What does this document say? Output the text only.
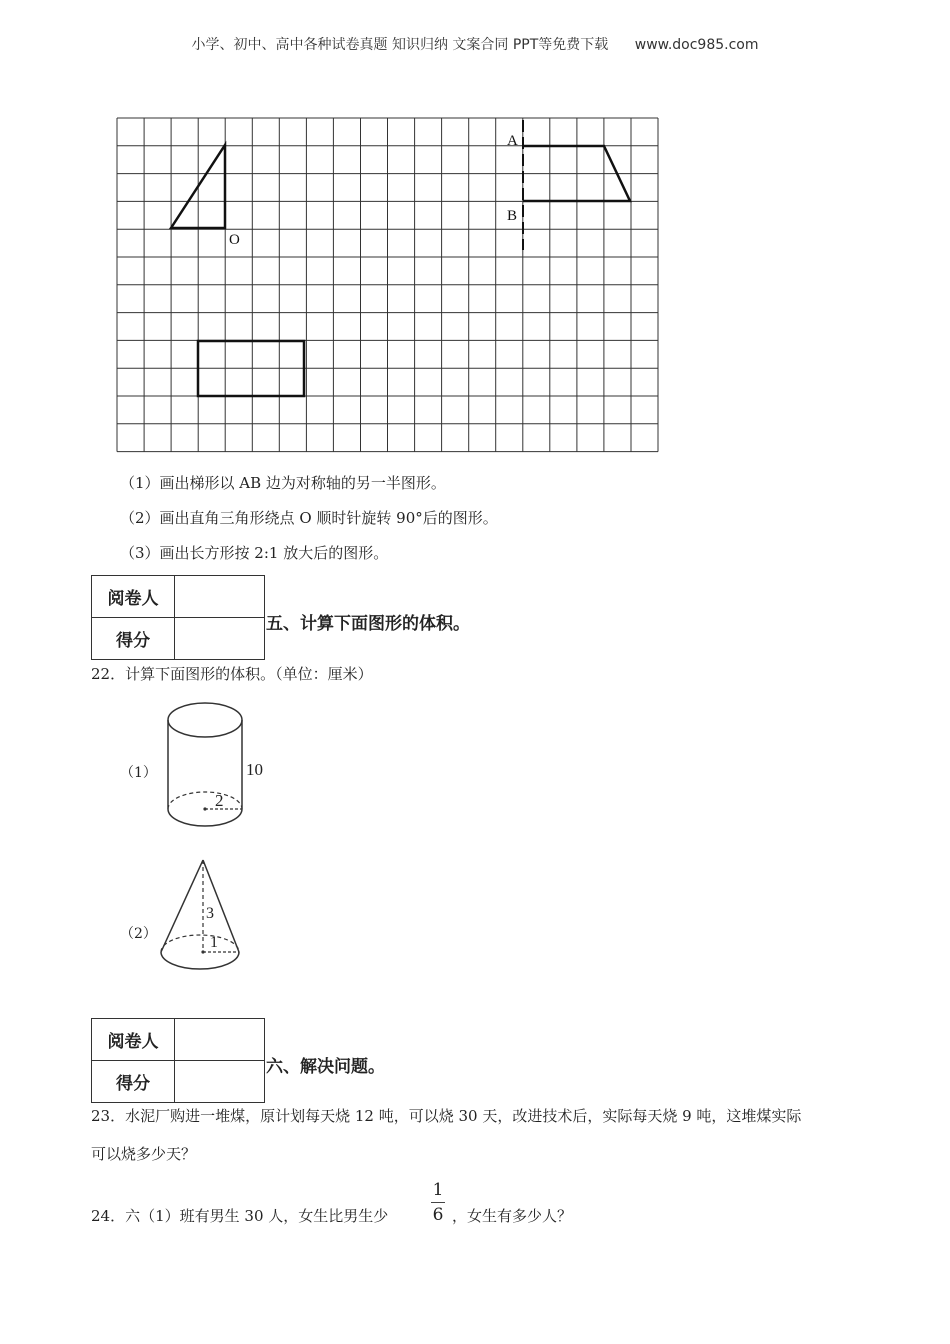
小学、初中、高中各种试卷真题 知识归纳 文案合同 PPT等免费下载 www.doc985.com
A
B
O
（1）画出梯形以 AB 边为对称轴的另一半图形。
（2）画出直角三角形绕点 O 顺时针旋转 90°后的图形。
（3）画出长方形按 2:1 放大后的图形。
阅卷人	
得分	
五、计算下面图形的体积。
22．计算下面图形的体积。（单位：厘米）
（1）	10
2
（2）
3
1
阅卷人	
得分	
六、解决问题。
23．水泥厂购进一堆煤，原计划每天烧 12 吨，可以烧 30 天，改进技术后，实际每天烧 9 吨，这堆煤实际
可以烧多少天？
24．六（1）班有男生 30 人，女生比男生少
1
6 ，女生有多少人？
